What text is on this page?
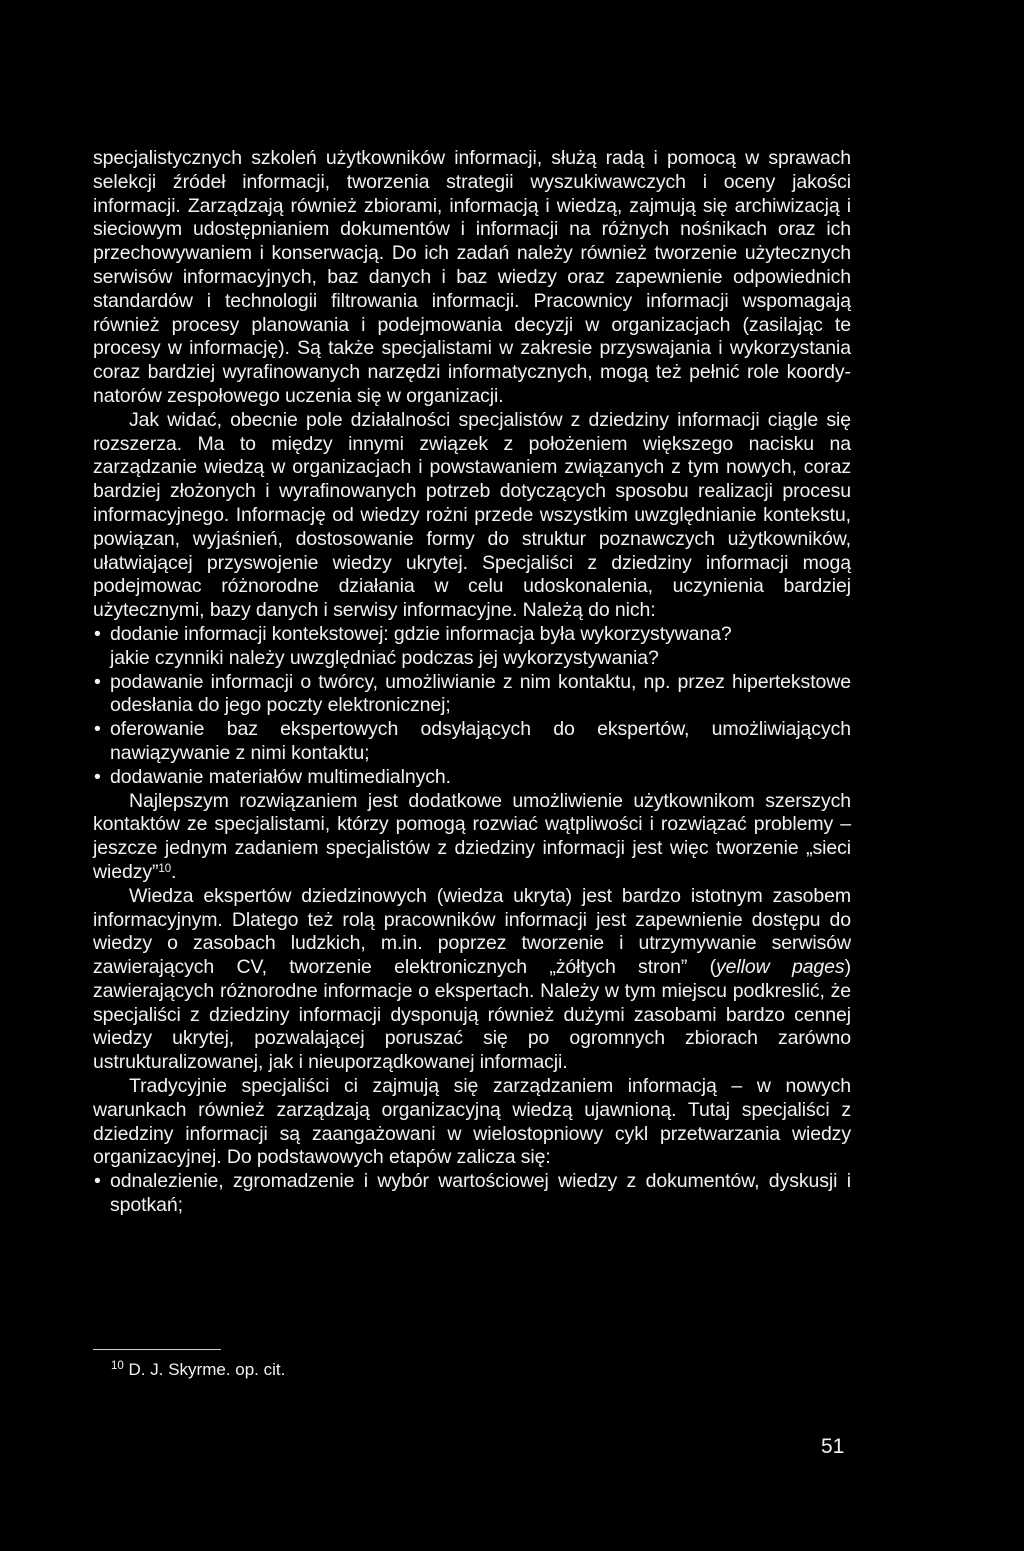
specjalistycznych szkoleń użytkowników informacji, służą radą i pomocą w sprawach selekcji źródeł informacji, tworzenia strategii wyszukiwawczych i oceny jakości informacji. Zarządzają również zbiorami, informacją i wiedzą, zajmują się archiwizacją i sieciowym udostępnianiem dokumentów i informacji na różnych nośnikach oraz ich przechowywaniem i konserwacją. Do ich zadań należy również tworzenie użytecznych serwisów informacyjnych, baz danych i baz wiedzy oraz zapewnienie odpowiednich standardów i technologii filtrowania informacji. Pracownicy informacji wspomagają również procesy planowania i podejmowania decyzji w organizacjach (zasilając te procesy w informację). Są także specjalistami w zakresie przyswajania i wykorzystania coraz bardziej wyrafinowanych narzędzi informatycznych, mogą też pełnić role koordynatorów zespołowego uczenia się w organizacji.

Jak widać, obecnie pole działalności specjalistów z dziedziny informacji ciągle się rozszerza. Ma to między innymi związek z położeniem większego nacisku na zarządzanie wiedzą w organizacjach i powstawaniem związanych z tym nowych, coraz bardziej złożonych i wyrafinowanych potrzeb dotyczących sposobu realizacji procesu informacyjnego. Informację od wiedzy rożni przede wszystkim uwzględnianie kontekstu, powiązan, wyjaśnień, dostosowanie formy do struktur poznawczych użytkowników, ułatwiającej przyswojenie wiedzy ukrytej. Specjaliści z dziedziny informacji mogą podejmowac różnorodne działania w celu udoskonalenia, uczynienia bardziej użytecznymi, bazy danych i serwisy informacyjne. Należą do nich:

• dodanie informacji kontekstowej: gdzie informacja była wykorzystywana?
jakie czynniki należy uwzględniać podczas jej wykorzystywania?
• podawanie informacji o twórcy, umożliwianie z nim kontaktu, np. przez hipertekstowe odesłania do jego poczty elektronicznej;
• oferowanie baz ekspertowych odsyłających do ekspertów, umożliwiających nawiązywanie z nimi kontaktu;
• dodawanie materiałów multimedialnych.

Najlepszym rozwiązaniem jest dodatkowe umożliwienie użytkownikom szerszych kontaktów ze specjalistami, którzy pomogą rozwiać wątpliwości i rozwiązać problemy – jeszcze jednym zadaniem specjalistów z dziedziny informacji jest więc tworzenie „sieci wiedzy”$^{10}$.

Wiedza ekspertów dziedzinowych (wiedza ukryta) jest bardzo istotnym zasobem informacyjnym. Dlatego też rolą pracowników informacji jest zapewnienie dostępu do wiedzy o zasobach ludzkich, m.in. poprzez tworzenie i utrzymywanie serwisów zawierających CV, tworzenie elektronicznych „żółtych stron” (yellow pages) zawierających różnorodne informacje o ekspertach. Należy w tym miejscu podkreslić, że specjaliści z dziedziny informacji dysponują również dużymi zasobami bardzo cennej wiedzy ukrytej, pozwalającej poruszać się po ogromnych zbiorach zarówno ustrukturalizowanej, jak i nieuporządkowanej informacji.

Tradycyjnie specjaliści ci zajmują się zarządzaniem informacją – w nowych warunkach również zarządzają organizacyjną wiedzą ujawnioną. Tutaj specjaliści z dziedziny informacji są zaangażowani w wielostopniowy cykl przetwarzania wiedzy organizacyjnej. Do podstawowych etapów zalicza się:

• odnalezienie, zgromadzenie i wybór wartościowej wiedzy z dokumentów, dyskusji i spotkań;
$^{10}$ D. J. Skyrme. op. cit.
51
